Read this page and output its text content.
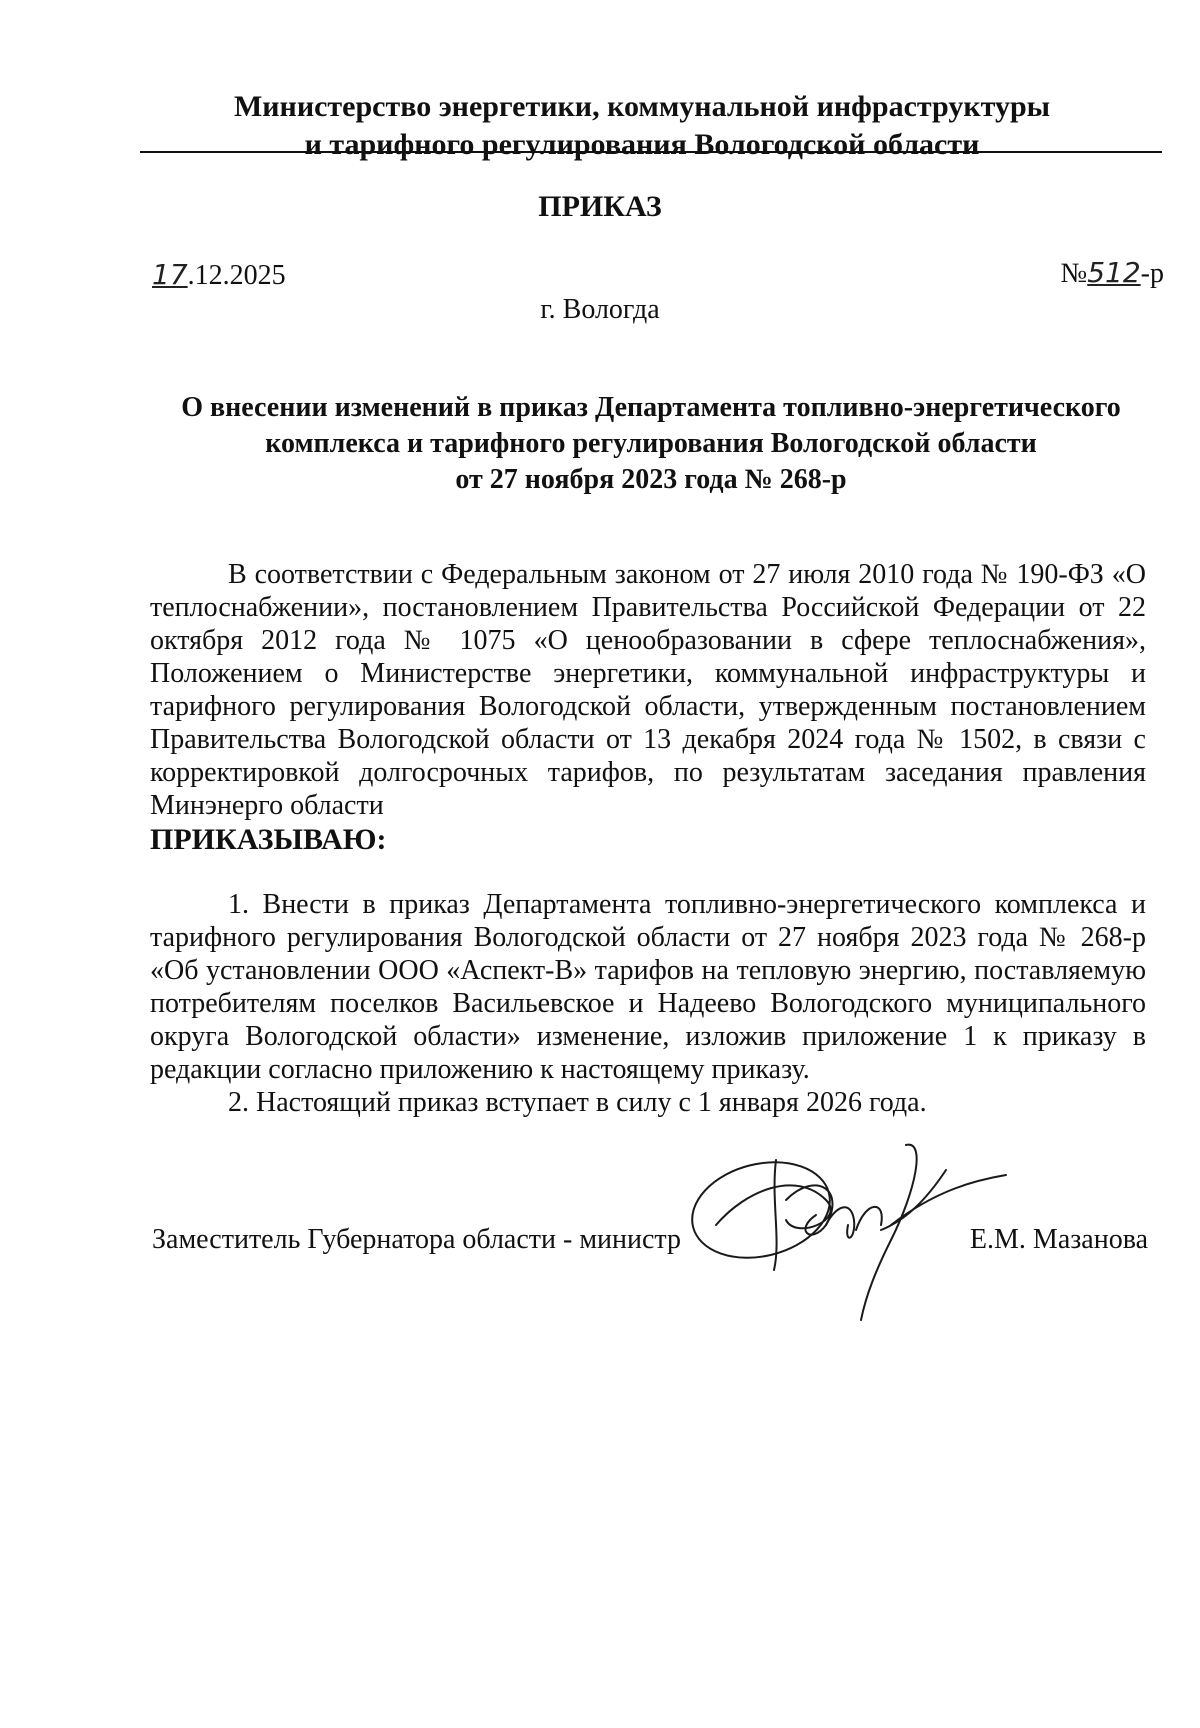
Министерство энергетики, коммунальной инфраструктуры
и тарифного регулирования Вологодской области
ПРИКАЗ
17.12.2025	№512-р
г. Вологда
О внесении изменений в приказ Департамента топливно-энергетического
комплекса и тарифного регулирования Вологодской области
от 27 ноября 2023 года № 268-р

В соответствии с Федеральным законом от 27 июля 2010 года № 190-ФЗ «О теплоснабжении», постановлением Правительства Российской Федерации от 22 октября 2012 года № 1075 «О ценообразовании в сфере теплоснабжения», Положением о Министерстве энергетики, коммунальной инфраструктуры и тарифного регулирования Вологодской области, утвержденным постановлением Правительства Вологодской области от 13 декабря 2024 года № 1502, в связи с корректировкой долгосрочных тарифов, по результатам заседания правления Минэнерго области

ПРИКАЗЫВАЮ:

1. Внести в приказ Департамента топливно-энергетического комплекса и тарифного регулирования Вологодской области от 27 ноября 2023 года № 268-р «Об установлении ООО «Аспект-В» тарифов на тепловую энергию, поставляемую потребителям поселков Васильевское и Надеево Вологодского муниципального округа Вологодской области» изменение, изложив приложение 1 к приказу в редакции согласно приложению к настоящему приказу.

2. Настоящий приказ вступает в силу с 1 января 2026 года.

Заместитель Губернатора области - министр	Е.М. Мазанова
